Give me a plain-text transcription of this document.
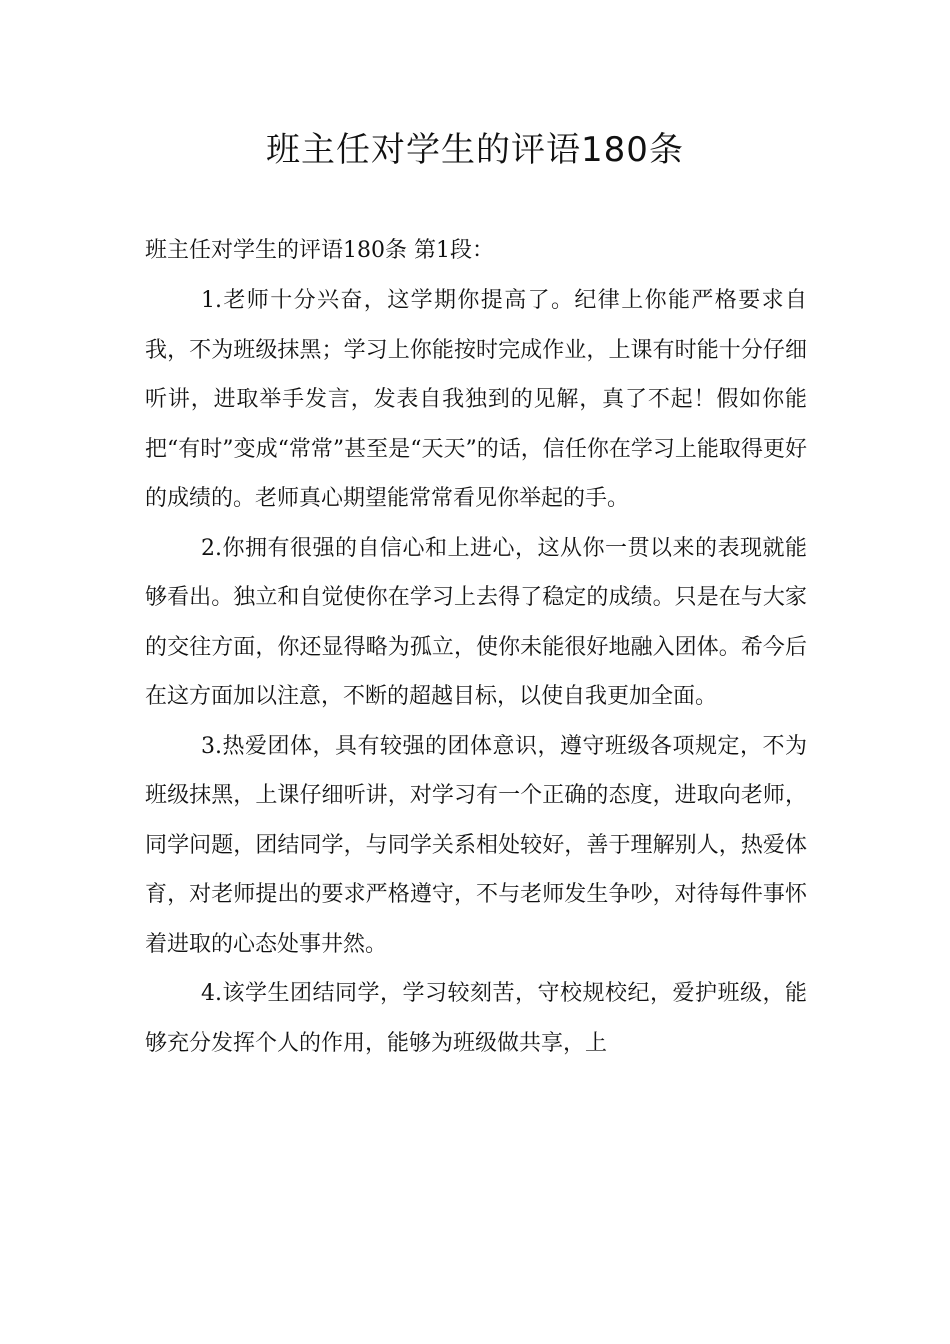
班主任对学生的评语180条

班主任对学生的评语180条 第1段：

1.老师十分兴奋，这学期你提高了。纪律上你能严格要求自我，不为班级抹黑；学习上你能按时完成作业，上课有时能十分仔细听讲，进取举手发言，发表自我独到的见解，真了不起！假如你能把“有时”变成“常常”甚至是“天天”的话，信任你在学习上能取得更好的成绩的。老师真心期望能常常看见你举起的手。

2.你拥有很强的自信心和上进心，这从你一贯以来的表现就能够看出。独立和自觉使你在学习上去得了稳定的成绩。只是在与大家的交往方面，你还显得略为孤立，使你未能很好地融入团体。希今后在这方面加以注意，不断的超越目标，以使自我更加全面。

3.热爱团体，具有较强的团体意识，遵守班级各项规定，不为班级抹黑，上课仔细听讲，对学习有一个正确的态度，进取向老师，同学问题，团结同学，与同学关系相处较好，善于理解别人，热爱体育，对老师提出的要求严格遵守，不与老师发生争吵，对待每件事怀着进取的心态处事井然。

4.该学生团结同学，学习较刻苦，守校规校纪，爱护班级，能够充分发挥个人的作用，能够为班级做共享，上
